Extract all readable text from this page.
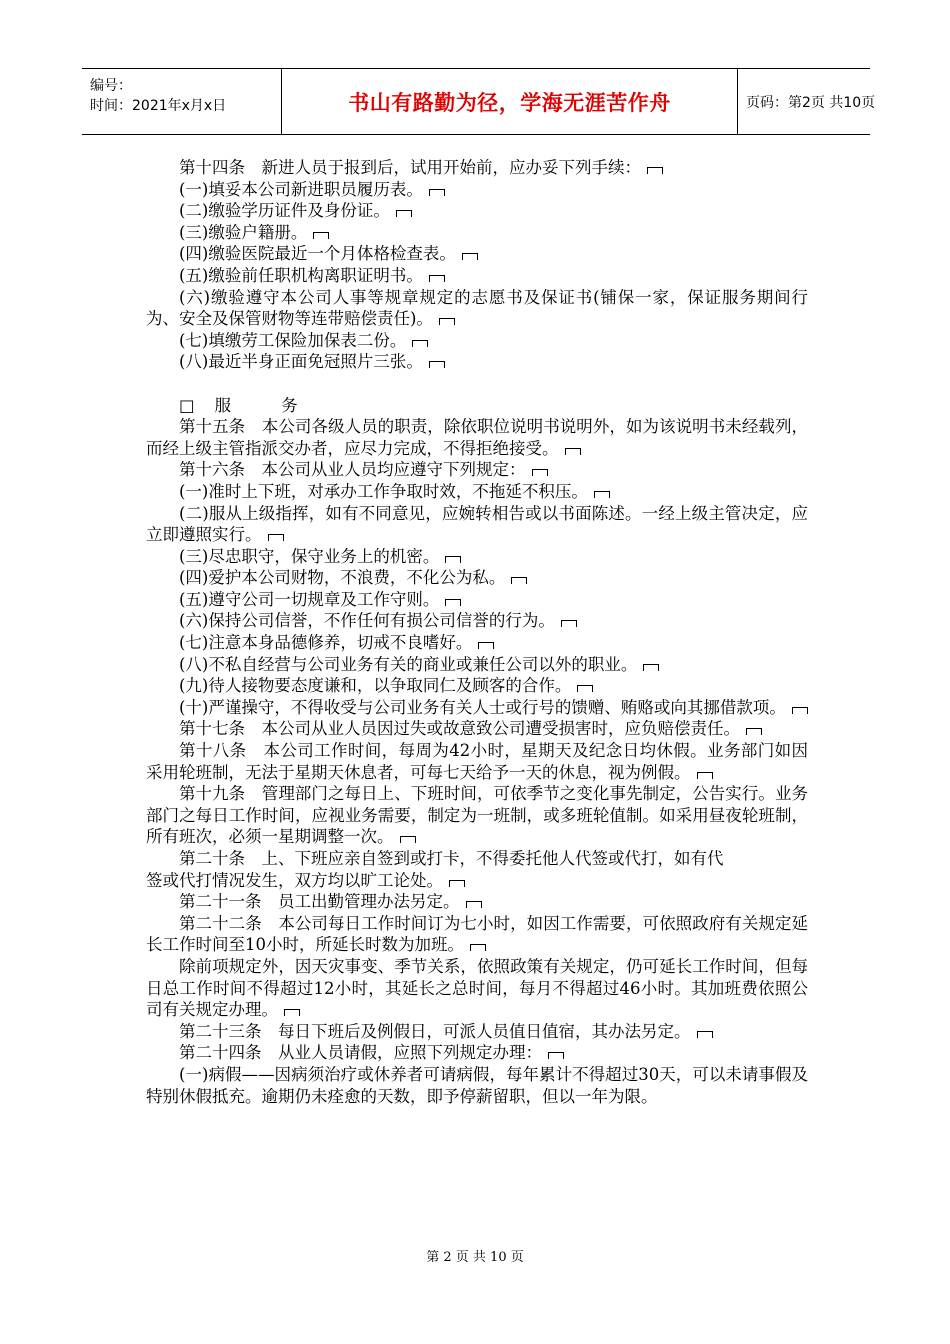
编号：
时间：2021年x月x日	书山有路勤为径，学海无涯苦作舟	页码：第2页 共10页

第十四条　新进人员于报到后，试用开始前，应办妥下列手续：

(一)填妥本公司新进职员履历表。

(二)缴验学历证件及身份证。

(三)缴验户籍册。

(四)缴验医院最近一个月体格检查表。

(五)缴验前任职机构离职证明书。

(六)缴验遵守本公司人事等规章规定的志愿书及保证书(铺保一家，保证服务期间行为、安全及保管财物等连带赔偿责任)。

(七)填缴劳工保险加保表二份。

(八)最近半身正面免冠照片三张。

□ 服	务

第十五条　本公司各级人员的职责，除依职位说明书说明外，如为该说明书未经载列，而经上级主管指派交办者，应尽力完成，不得拒绝接受。

第十六条　本公司从业人员均应遵守下列规定：

(一)准时上下班，对承办工作争取时效，不拖延不积压。

(二)服从上级指挥，如有不同意见，应婉转相告或以书面陈述。一经上级主管决定，应立即遵照实行。

(三)尽忠职守，保守业务上的机密。

(四)爱护本公司财物，不浪费，不化公为私。

(五)遵守公司一切规章及工作守则。

(六)保持公司信誉，不作任何有损公司信誉的行为。

(七)注意本身品德修养，切戒不良嗜好。

(八)不私自经营与公司业务有关的商业或兼任公司以外的职业。

(九)待人接物要态度谦和，以争取同仁及顾客的合作。

(十)严谨操守，不得收受与公司业务有关人士或行号的馈赠、贿赂或向其挪借款项。

第十七条　本公司从业人员因过失或故意致公司遭受损害时，应负赔偿责任。

第十八条　本公司工作时间，每周为42小时，星期天及纪念日均休假。业务部门如因采用轮班制，无法于星期天休息者，可每七天给予一天的休息，视为例假。

第十九条　管理部门之每日上、下班时间，可依季节之变化事先制定，公告实行。业务部门之每日工作时间，应视业务需要，制定为一班制，或多班轮值制。如采用昼夜轮班制，所有班次，必须一星期调整一次。

第二十条　上、下班应亲自签到或打卡，不得委托他人代签或代打，如有代

签或代打情况发生，双方均以旷工论处。

第二十一条　员工出勤管理办法另定。

第二十二条　本公司每日工作时间订为七小时，如因工作需要，可依照政府有关规定延长工作时间至10小时，所延长时数为加班。

除前项规定外，因天灾事变、季节关系，依照政策有关规定，仍可延长工作时间，但每日总工作时间不得超过12小时，其延长之总时间，每月不得超过46小时。其加班费依照公司有关规定办理。

第二十三条　每日下班后及例假日，可派人员值日值宿，其办法另定。

第二十四条　从业人员请假，应照下列规定办理：

(一)病假——因病须治疗或休养者可请病假，每年累计不得超过30天，可以未请事假及特别休假抵充。逾期仍未痊愈的天数，即予停薪留职，但以一年为限。

第 2 页 共 10 页
